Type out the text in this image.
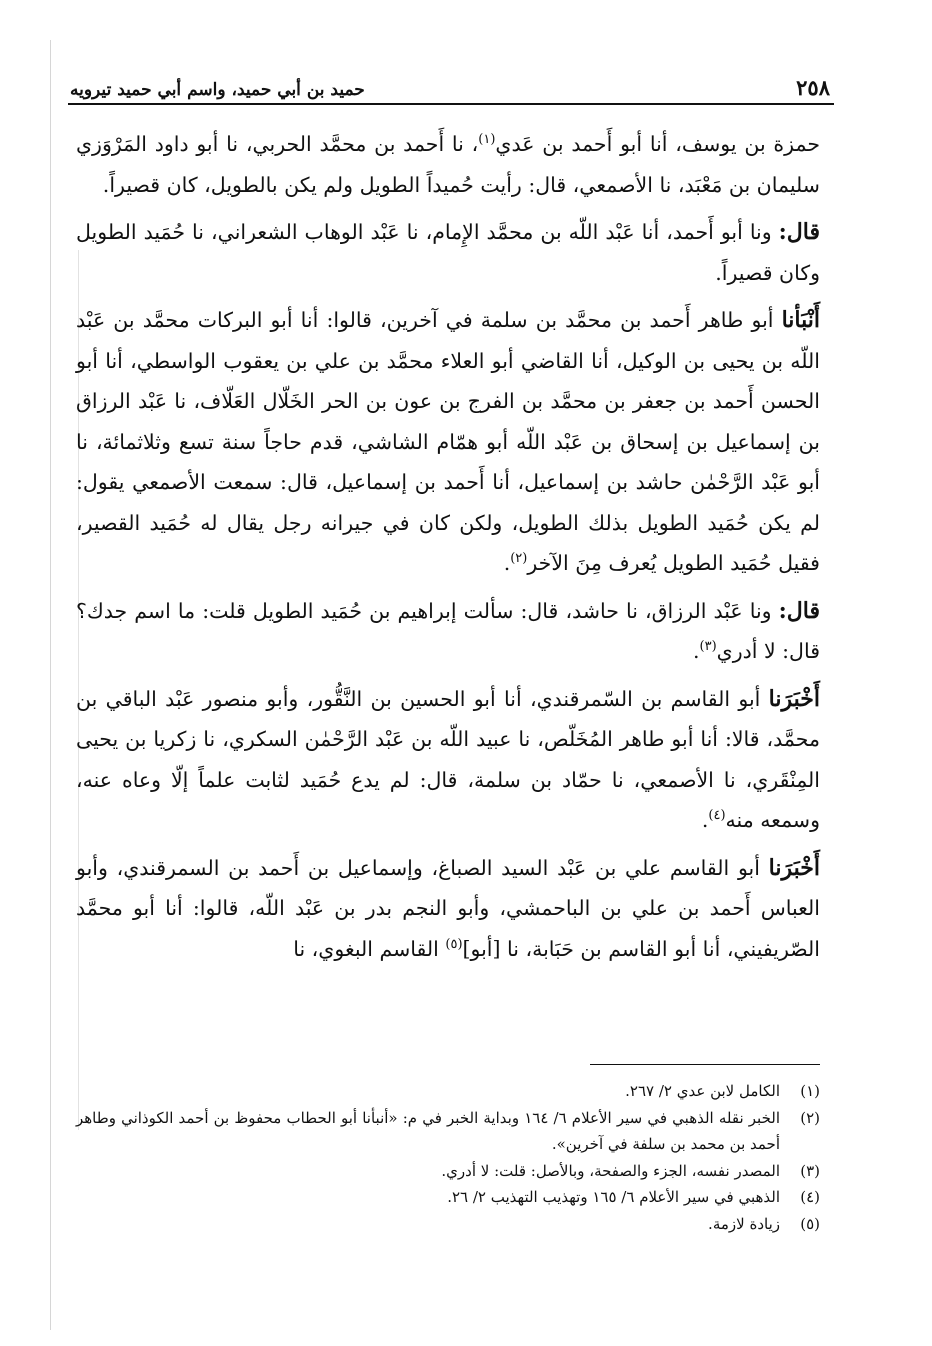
٢٥٨
حميد بن أبي حميد، واسم أبي حميد تيرويه

حمزة بن يوسف، أنا أبو أَحمد بن عَدي$^{(١)}$، نا أَحمد بن محمَّد الحربي، نا أبو داود المَرْوَزي سليمان بن مَعْبَد، نا الأصمعي، قال: رأيت حُميداً الطويل ولم يكن بالطويل، كان قصيراً.

قال: ونا أبو أَحمد، أنا عَبْد اللّه بن محمَّد الإِمام، نا عَبْد الوهاب الشعراني، نا حُمَيد الطويل وكان قصيراً.

أَنْبَأنا أبو طاهر أَحمد بن محمَّد بن سلمة في آخرين، قالوا: أنا أبو البركات محمَّد بن عَبْد اللّه بن يحيى بن الوكيل، أنا القاضي أبو العلاء محمَّد بن علي بن يعقوب الواسطي، أنا أبو الحسن أَحمد بن جعفر بن محمَّد بن الفرج بن عون بن الحر الخَلّال العَلّاف، نا عَبْد الرزاق بن إسماعيل بن إسحاق بن عَبْد اللّه أبو همّام الشاشي، قدم حاجاً سنة تسع وثلاثمائة، نا أبو عَبْد الرَّحْمٰن حاشد بن إسماعيل، أنا أَحمد بن إسماعيل، قال: سمعت الأصمعي يقول: لم يكن حُمَيد الطويل بذلك الطويل، ولكن كان في جيرانه رجل يقال له حُمَيد القصير، فقيل حُمَيد الطويل يُعرف مِنَ الآخر$^{(٢)}$.

قال: ونا عَبْد الرزاق، نا حاشد، قال: سألت إبراهيم بن حُمَيد الطويل قلت: ما اسم جدك؟ قال: لا أدري$^{(٣)}$.

أَخْبَرَنا أبو القاسم بن السّمرقندي، أنا أبو الحسين بن النَّقُّور، وأبو منصور عَبْد الباقي بن محمَّد، قالا: أنا أبو طاهر المُخَلّص، نا عبيد اللّه بن عَبْد الرَّحْمٰن السكري، نا زكريا بن يحيى المِنْقَري، نا الأصمعي، نا حمّاد بن سلمة، قال: لم يدع حُمَيد لثابت علماً إلّا وعاه عنه، وسمعه منه$^{(٤)}$.

أَخْبَرَنا أبو القاسم علي بن عَبْد السيد الصباغ، وإسماعيل بن أَحمد بن السمرقندي، وأبو العباس أَحمد بن علي بن الباحمشي، وأبو النجم بدر بن عَبْد اللّه، قالوا: أنا أبو محمَّد الصّريفيني، أنا أبو القاسم بن حَبَابة، نا [أبو]$^{(٥)}$ القاسم البغوي، نا

(١)
الكامل لابن عدي ٢/ ٢٦٧.
(٢)
الخبر نقله الذهبي في سير الأعلام ٦/ ١٦٤ وبداية الخبر في م: «أنبأنا أبو الحطاب محفوظ بن أحمد الكوذاني وطاهر أحمد بن محمد بن سلفة في آخرين».
(٣)
المصدر نفسه، الجزء والصفحة، وبالأصل: قلت: لا أدري.
(٤)
الذهبي في سير الأعلام ٦/ ١٦٥ وتهذيب التهذيب ٢/ ٢٦.
(٥)
زيادة لازمة.
